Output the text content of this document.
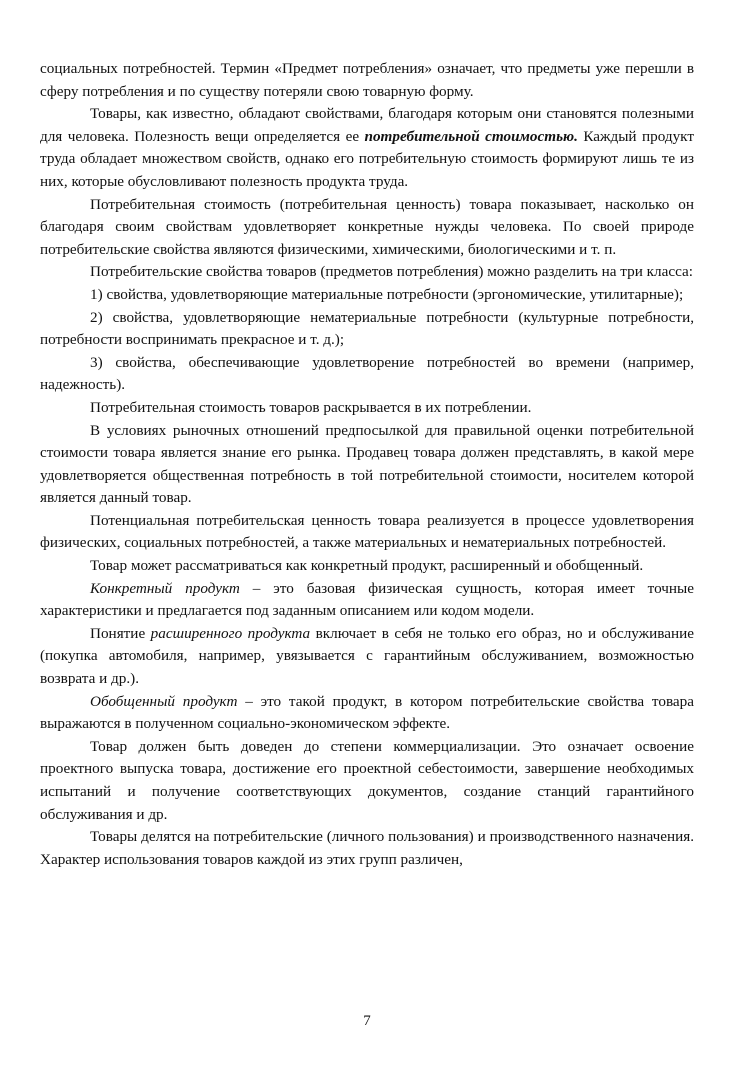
социальных потребностей. Термин «Предмет потребления» означает, что предметы уже перешли в сферу потребления и по существу потеряли свою товарную форму.

Товары, как известно, обладают свойствами, благодаря которым они становятся полезными для человека. Полезность вещи определяется ее потребительной стоимостью. Каждый продукт труда обладает множеством свойств, однако его потребительную стоимость формируют лишь те из них, которые обусловливают полезность продукта труда.

Потребительная стоимость (потребительная ценность) товара показывает, насколько он благодаря своим свойствам удовлетворяет конкретные нужды человека. По своей природе потребительские свойства являются физическими, химическими, биологическими и т. п.

Потребительские свойства товаров (предметов потребления) можно разделить на три класса:

1) свойства, удовлетворяющие материальные потребности (эргономические, утилитарные);

2) свойства, удовлетворяющие нематериальные потребности (культурные потребности, потребности воспринимать прекрасное и т. д.);

3) свойства, обеспечивающие удовлетворение потребностей во времени (например, надежность).

Потребительная стоимость товаров раскрывается в их потреблении.

В условиях рыночных отношений предпосылкой для правильной оценки потребительной стоимости товара является знание его рынка. Продавец товара должен представлять, в какой мере удовлетворяется общественная потребность в той потребительной стоимости, носителем которой является данный товар.

Потенциальная потребительская ценность товара реализуется в процессе удовлетворения физических, социальных потребностей, а также материальных и нематериальных потребностей.

Товар может рассматриваться как конкретный продукт, расширенный и обобщенный.

Конкретный продукт – это базовая физическая сущность, которая имеет точные характеристики и предлагается под заданным описанием или кодом модели.

Понятие расширенного продукта включает в себя не только его образ, но и обслуживание (покупка автомобиля, например, увязывается с гарантийным обслуживанием, возможностью возврата и др.).

Обобщенный продукт – это такой продукт, в котором потребительские свойства товара выражаются в полученном социально-экономическом эффекте.

Товар должен быть доведен до степени коммерциализации. Это означает освоение проектного выпуска товара, достижение его проектной себестоимости, завершение необходимых испытаний и получение соответствующих документов, создание станций гарантийного обслуживания и др.

Товары делятся на потребительские (личного пользования) и производственного назначения. Характер использования товаров каждой из этих групп различен,

7
